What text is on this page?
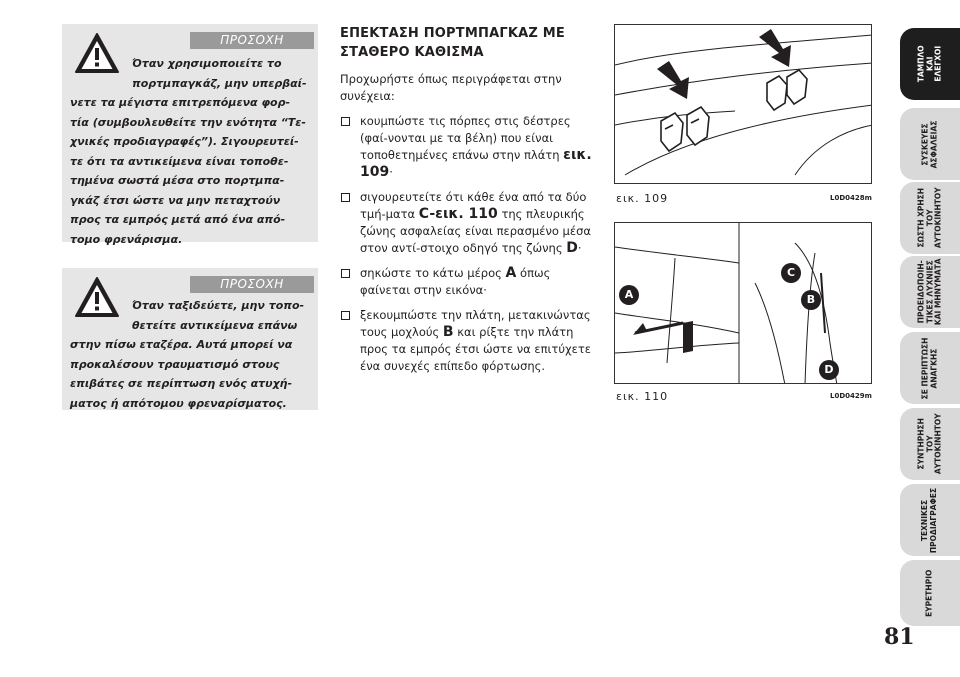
ΠΡΟΣΟΧΗ
Όταν χρησιμοποιείτε το
πορτμπαγκάζ, μην υπερβαί-
νετε τα μέγιστα επιτρεπόμενα φορ-
τία (συμβουλευθείτε την ενότητα “Τε-
χνικές προδιαγραφές”). Σιγουρευτεί-
τε ότι τα αντικείμενα είναι τοποθε-
τημένα σωστά μέσα στο πορτμπα-
γκάζ έτσι ώστε να μην πεταχτούν
προς τα εμπρός μετά από ένα από-
τομο φρενάρισμα.
ΠΡΟΣΟΧΗ
Όταν ταξιδεύετε, μην τοπο-
θετείτε αντικείμενα επάνω
στην πίσω εταζέρα. Αυτά μπορεί να
προκαλέσουν τραυματισμό στους
επιβάτες σε περίπτωση ενός ατυχή-
ματος ή απότομου φρεναρίσματος.
ΕΠΕΚΤΑΣΗ ΠΟΡΤΜΠΑΓΚΑΖ ΜΕ
ΣΤΑΘΕΡΟ ΚΑΘΙΣΜΑ

Προχωρήστε όπως περιγράφεται στην συνέχεια:

κουμπώστε τις πόρπες στις δέστρες (φαί-νονται με τα βέλη) που είναι τοποθετημένες επάνω στην πλάτη εικ. 109·
σιγουρευτείτε ότι κάθε ένα από τα δύο τμή-ματα C-εικ. 110 της πλευρικής ζώνης ασφαλείας είναι περασμένο μέσα στον αντί-στοιχο οδηγό της ζώνης D·
σηκώστε το κάτω μέρος A όπως φαίνεται στην εικόνα·
ξεκουμπώστε την πλάτη, μετακινώντας τους μοχλούς B και ρίξτε την πλάτη προς τα εμπρός έτσι ώστε να επιτύχετε ένα συνεχές επίπεδο φόρτωσης.
εικ. 109	L0D0428m
A	B
C
D
εικ. 110	L0D0429m
ΤΑΜΠΛΟ
ΚΑΙ
ΕΛΕΓΧΟΙ
ΣΥΣΚΕΥΕΣ
ΑΣΦΑΛΕΙΑΣ
ΣΩΣΤΗ ΧΡΗΣΗ
ΤΟΥ
ΑΥΤΟΚΙΝΗΤΟΥ
ΠΡΟΕΙΔΟΠΟΙΗ-
ΤΙΚΕΣ ΛΥΧΝΙΕΣ
ΚΑΙ ΜΗΝΥΜΑΤΑ
ΣΕ ΠΕΡΙΠΤΩΣΗ
ΑΝΑΓΚΗΣ
ΣΥΝΤΗΡΗΣΗ
ΤΟΥ
ΑΥΤΟΚΙΝΗΤΟΥ
ΤΕΧΝΙΚΕΣ
ΠΡΟΔΙΑΓΡΑΦΕΣ
ΕΥΡΕΤΗΡΙΟ
81
